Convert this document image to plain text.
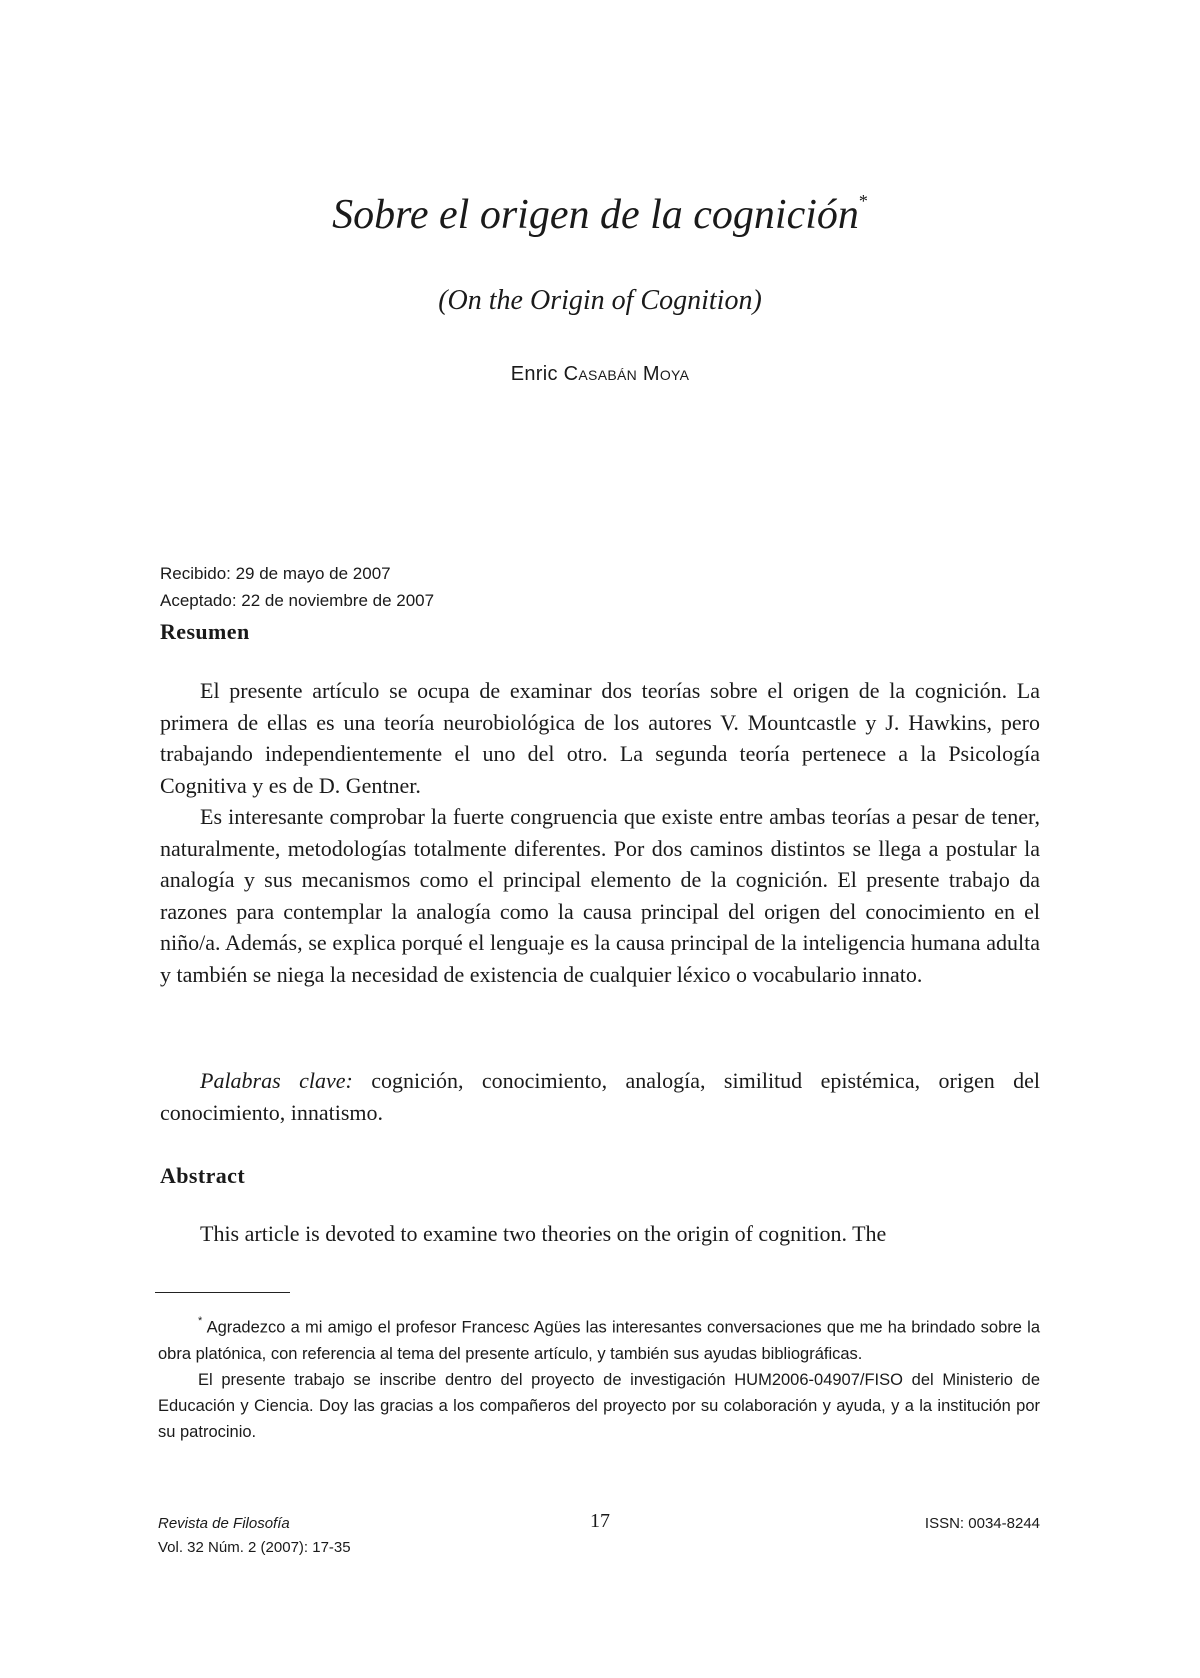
Sobre el origen de la cognición*
(On the Origin of Cognition)
Enric Casabán Moya
Recibido: 29 de mayo de 2007
Aceptado: 22 de noviembre de 2007
Resumen

El presente artículo se ocupa de examinar dos teorías sobre el origen de la cognición. La primera de ellas es una teoría neurobiológica de los autores V. Mountcastle y J. Hawkins, pero trabajando independientemente el uno del otro. La segunda teoría pertenece a la Psicología Cognitiva y es de D. Gentner.

Es interesante comprobar la fuerte congruencia que existe entre ambas teorías a pesar de tener, naturalmente, metodologías totalmente diferentes. Por dos caminos distintos se llega a postular la analogía y sus mecanismos como el principal elemento de la cognición. El presente trabajo da razones para contemplar la analogía como la causa principal del origen del conocimiento en el niño/a. Además, se explica porqué el lenguaje es la causa principal de la inteligencia humana adulta y también se niega la necesidad de existencia de cualquier léxico o vocabulario innato.

Palabras clave: cognición, conocimiento, analogía, similitud epistémica, origen del conocimiento, innatismo.
Abstract

This article is devoted to examine two theories on the origin of cognition. The

* Agradezco a mi amigo el profesor Francesc Agües las interesantes conversaciones que me ha brindado sobre la obra platónica, con referencia al tema del presente artículo, y también sus ayudas bibliográficas.

El presente trabajo se inscribe dentro del proyecto de investigación HUM2006-04907/FISO del Ministerio de Educación y Ciencia. Doy las gracias a los compañeros del proyecto por su colaboración y ayuda, y a la institución por su patrocinio.

Revista de Filosofía
Vol. 32 Núm. 2 (2007): 17-35
17	ISSN: 0034-8244
